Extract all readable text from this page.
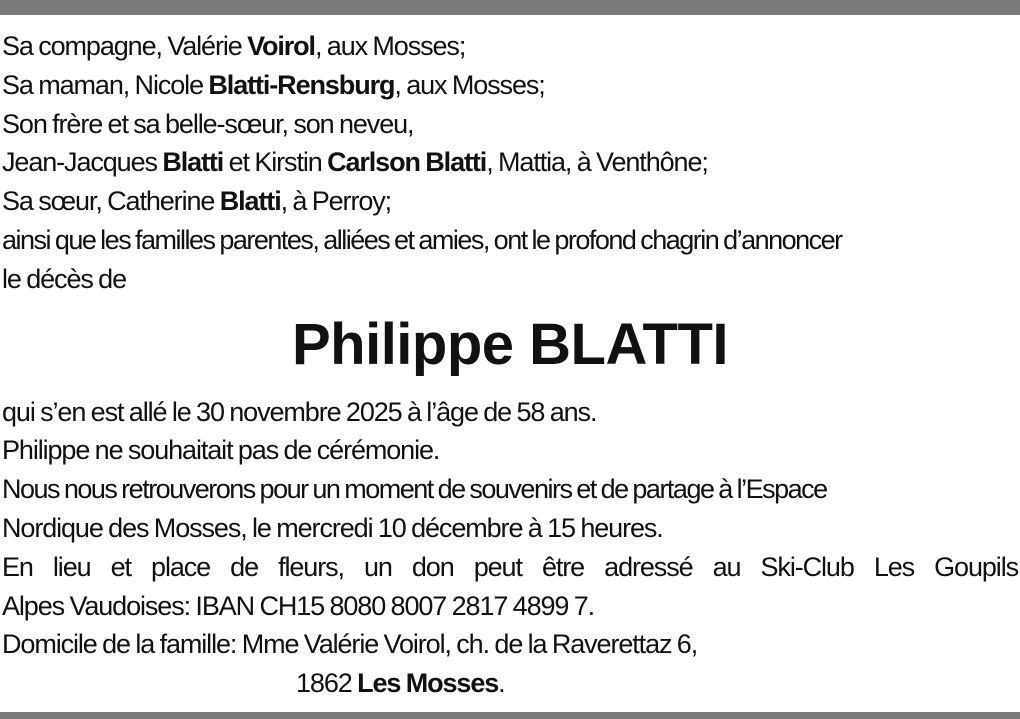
Sa compagne, Valérie Voirol, aux Mosses;
Sa maman, Nicole Blatti-Rensburg, aux Mosses;
Son frère et sa belle-sœur, son neveu,
Jean-Jacques Blatti et Kirstin Carlson Blatti, Mattia, à Venthône;
Sa sœur, Catherine Blatti, à Perroy;
ainsi que les familles parentes, alliées et amies, ont le profond chagrin d’annoncer
le décès de
Philippe BLATTI
qui s’en est allé le 30 novembre 2025 à l’âge de 58 ans.
Philippe ne souhaitait pas de cérémonie.
Nous nous retrouverons pour un moment de souvenirs et de partage à l’Espace
Nordique des Mosses, le mercredi 10 décembre à 15 heures.
En lieu et place de fleurs, un don peut être adressé au Ski-Club Les Goupils
Alpes Vaudoises: IBAN CH15 8080 8007 2817 4899 7.
Domicile de la famille: Mme Valérie Voirol, ch. de la Raverettaz 6,
1862 Les Mosses.
